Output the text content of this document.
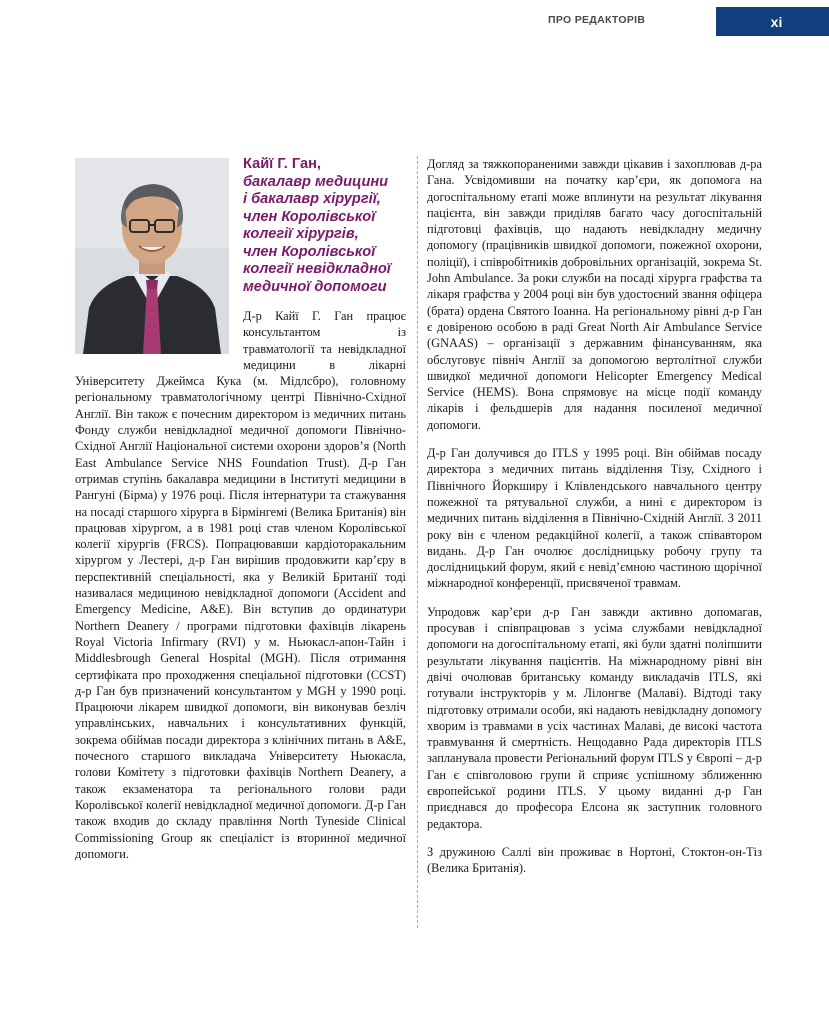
ПРО РЕДАКТОРІВ	xi
Кайї Г. Ган,
бакалавр медицини
і бакалавр хірургії,
член Королівської
колегії хірургів,
член Королівської
колегії невідкладної
медичної допомоги

Д-р Кайї Г. Ган працює консультантом із травматології та невідкладної медицини в лікарні Університету Джеймса Кука (м. Мідлсбро), головному регіональному травматологічному центрі Північно-Східної Англії. Він також є почесним директором із медичних питань Фонду служби невідкладної медичної допомоги Північно-Східної Англії Національної системи охорони здоров’я (North East Ambulance Service NHS Foundation Trust). Д-р Ган отримав ступінь бакалавра медицини в Інституті медицини в Рангуні (Бірма) у 1976 році. Після інтернатури та стажування на посаді старшого хірурга в Бірмінгемі (Велика Британія) він працював хірургом, а в 1981 році став членом Королівської колегії хірургів (FRCS). Попрацювавши кардіоторакальним хірургом у Лестері, д-р Ган вирішив продовжити кар’єру в перспективній спеціальності, яка у Великій Британії тоді називалася медициною невідкладної допомоги (Accident and Emergency Medicine, A&E). Він вступив до ординатури Northern Deanery / програми підготовки фахівців лікарень Royal Victoria Infirmary (RVI) у м. Ньюкасл-апон-Тайн і Middlesbrough General Hospital (MGH). Після отримання сертифіката про проходження спеціальної підготовки (CCST) д-р Ган був призначений консультантом у MGH у 1990 році. Працюючи лікарем швидкої допомоги, він виконував безліч управлінських, навчальних і консультативних функцій, зокрема обіймав посади директора з клінічних питань в A&E, почесного старшого викладача Університету Ньюкасла, голови Комітету з підготовки фахівців Northern Deanery, а також екзаменатора та регіонального голови ради Королівської колегії невідкладної медичної допомоги. Д-р Ган також входив до складу правління North Tyneside Clinical Commissioning Group як спеціаліст із вторинної медичної допомоги.

Догляд за тяжкопораненими завжди цікавив і захоплював д-ра Гана. Усвідомивши на початку кар’єри, як допомога на догоспітальному етапі може вплинути на результат лікування пацієнта, він завжди приділяв багато часу догоспітальній підготовці фахівців, що надають невідкладну медичну допомогу (працівників швидкої допомоги, пожежної охорони, поліції), і співробітників добровільних організацій, зокрема St. John Ambulance. За роки служби на посаді хірурга графства та лікаря графства у 2004 році він був удостоєний звання офіцера (брата) ордена Святого Іоанна. На регіональному рівні д-р Ган є довіреною особою в раді Great North Air Ambulance Service (GNAAS) – організації з державним фінансуванням, яка обслуговує північ Англії за допомогою вертолітної служби швидкої медичної допомоги Helicopter Emergency Medical Service (HEMS). Вона спрямовує на місце події команду лікарів і фельдшерів для надання посиленої медичної допомоги.

Д-р Ган долучився до ITLS у 1995 році. Він обіймав посаду директора з медичних питань відділення Тізу, Східного і Північного Йоркширу і Клівлендського навчального центру пожежної та рятувальної служби, а нині є директором із медичних питань відділення в Північно-Східній Англії. З 2011 року він є членом редакційної колегії, а також співавтором видань. Д-р Ган очолює дослідницьку робочу групу та дослідницький форум, який є невід’ємною частиною щорічної міжнародної конференції, присвяченої травмам.

Упродовж кар’єри д-р Ган завжди активно допомагав, просував і співпрацював з усіма службами невідкладної допомоги на догоспітальному етапі, які були здатні поліпшити результати лікування пацієнтів. На міжнародному рівні він двічі очолював британську команду викладачів ITLS, які готували інструкторів у м. Лілонгве (Малаві). Відтоді таку підготовку отримали особи, які надають невідкладну допомогу хворим із травмами в усіх частинах Малаві, де високі частота травмування й смертність. Нещодавно Рада директорів ITLS запланувала провести Регіональний форум ITLS у Європі – д-р Ган є співголовою групи й сприяє успішному зближенню європейської родини ITLS. У цьому виданні д-р Ган приєднався до професора Елсона як заступник головного редактора.

З дружиною Саллі він проживає в Нортоні, Стоктон-он-Тіз (Велика Британія).
